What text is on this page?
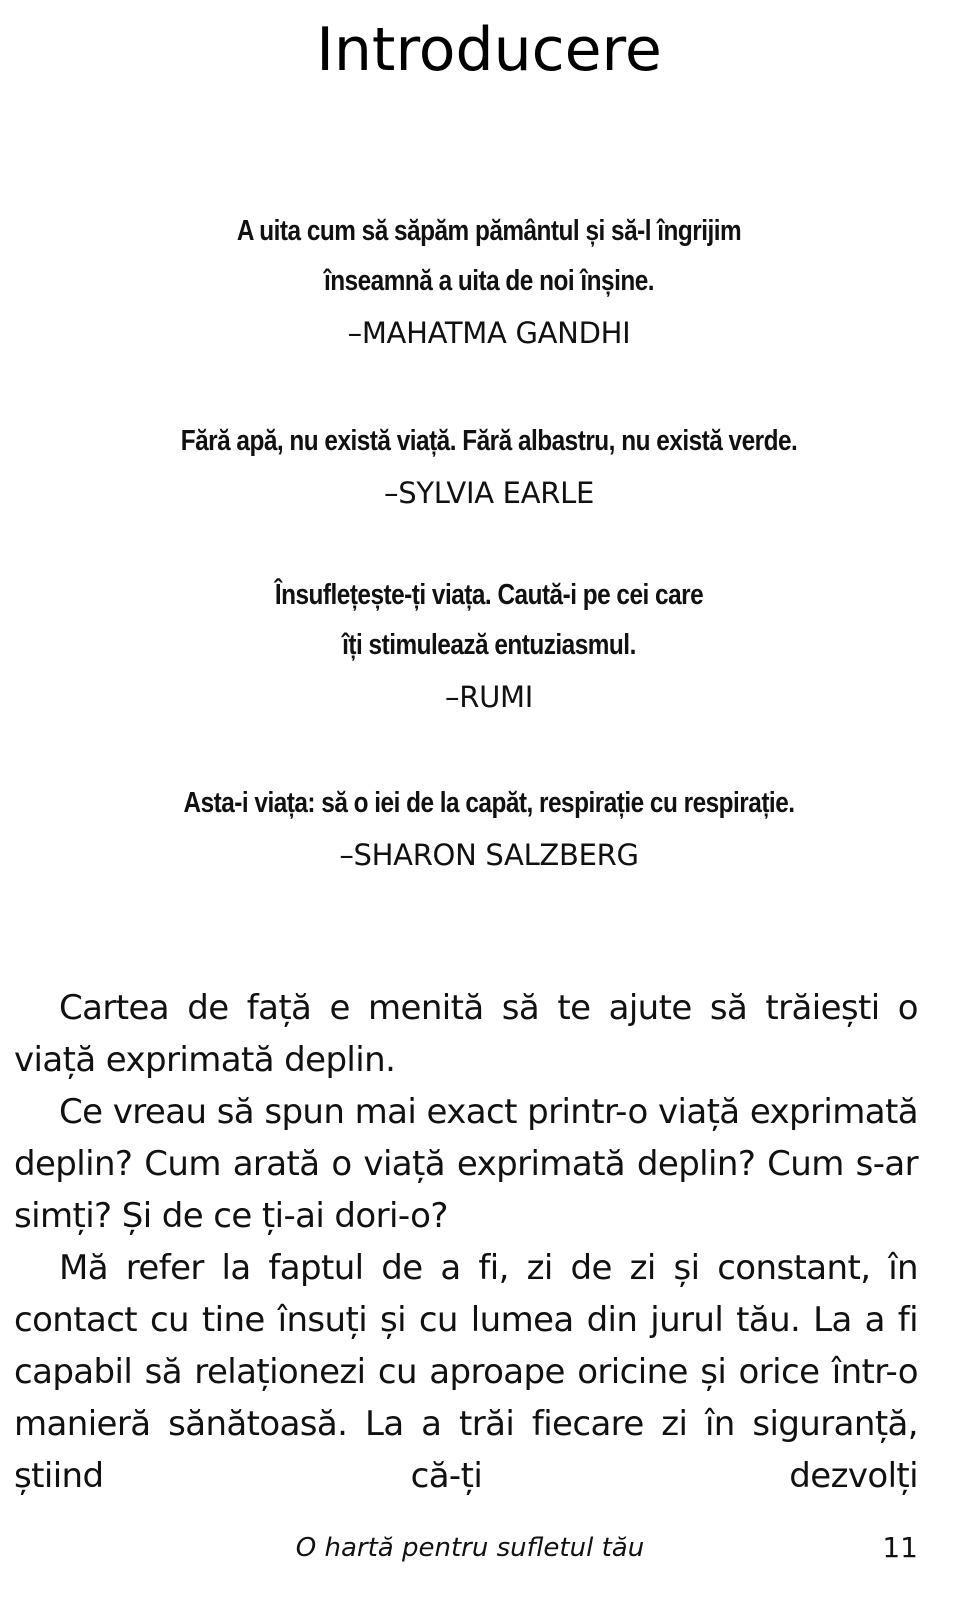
Introducere
A uita cum să săpăm pământul și să-l îngrijim
înseamnă a uita de noi înșine.
–MAHATMA GANDHI
Fără apă, nu există viață. Fără albastru, nu există verde.
–SYLVIA EARLE
Însuflețește-ți viața. Caută-i pe cei care
îți stimulează entuziasmul.
–RUMI
Asta-i viața: să o iei de la capăt, respirație cu respirație.
–SHARON SALZBERG

Cartea de față e menită să te ajute să trăiești o viață exprimată deplin.

Ce vreau să spun mai exact printr-o viață exprimată deplin? Cum arată o viață exprimată deplin? Cum s-ar simți? Și de ce ți-ai dori-o?

Mă refer la faptul de a fi, zi de zi și constant, în contact cu tine însuți și cu lumea din jurul tău. La a fi capabil să relaționezi cu aproape oricine și orice într-o manieră sănătoasă. La a trăi fiecare zi în siguranță, știind că-ți dezvolți

O hartă pentru sufletul tău	11
